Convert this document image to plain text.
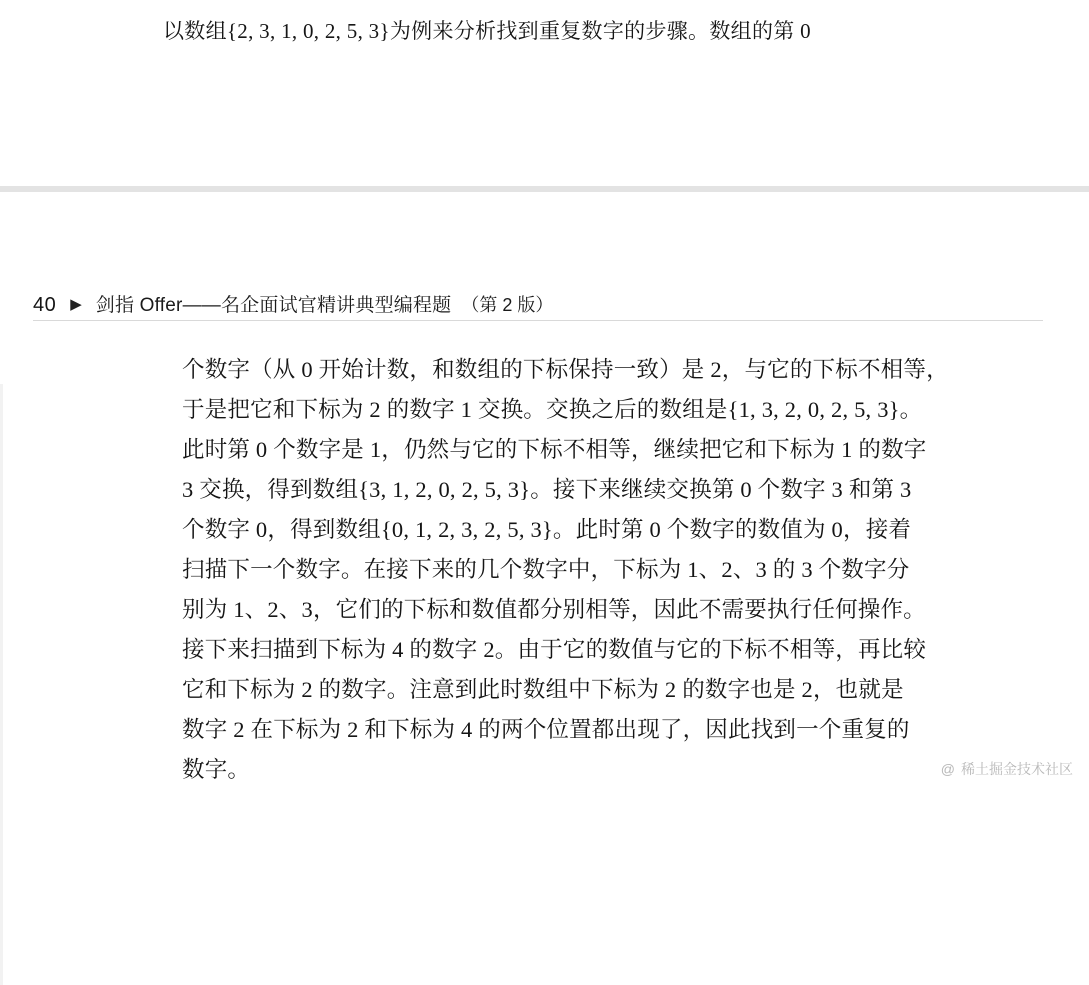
以数组{2, 3, 1, 0, 2, 5, 3}为例来分析找到重复数字的步骤。数组的第 0
40 ▶ 剑指 Offer——名企面试官精讲典型编程题 （第 2 版）

个数字（从 0 开始计数，和数组的下标保持一致）是 2，与它的下标不相等，
于是把它和下标为 2 的数字 1 交换。交换之后的数组是{1, 3, 2, 0, 2, 5, 3}。
此时第 0 个数字是 1，仍然与它的下标不相等，继续把它和下标为 1 的数字
3 交换，得到数组{3, 1, 2, 0, 2, 5, 3}。接下来继续交换第 0 个数字 3 和第 3
个数字 0，得到数组{0, 1, 2, 3, 2, 5, 3}。此时第 0 个数字的数值为 0，接着
扫描下一个数字。在接下来的几个数字中，下标为 1、2、3 的 3 个数字分
别为 1、2、3，它们的下标和数值都分别相等，因此不需要执行任何操作。
接下来扫描到下标为 4 的数字 2。由于它的数值与它的下标不相等，再比较
它和下标为 2 的数字。注意到此时数组中下标为 2 的数字也是 2，也就是
数字 2 在下标为 2 和下标为 4 的两个位置都出现了，因此找到一个重复的
数字。	@ 稀土掘金技术社区
